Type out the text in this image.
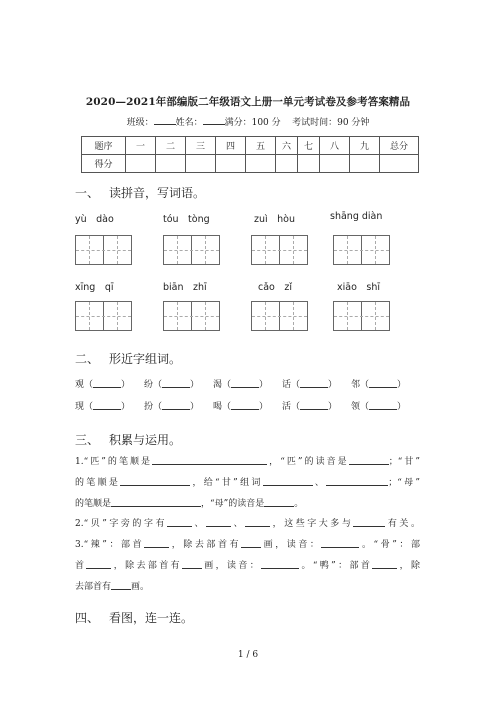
2020—2021年部编版二年级语文上册一单元考试卷及参考答案精品
班级： 姓名： 满分：100 分 考试时间：90 分钟
题序	一	二	三	四	五	六	七	八	九	总分
得分										
一、 读拼音，写词语。
yù　dào	tóu　tòng	zuì　hòu	shāng diàn
xīng　qī	biān　zhī	cǎo　zǐ	xiāo　shī
二、 形近字组词。
观（	） 纷（	） 渴（	） 话（	） 邻（	）
现（	） 扮（	） 喝（	） 活（	） 领（	）
三、 积累与运用。

1.“匹”的笔顺是	，“匹”的读音是	；“甘”

的笔顺是	，给“甘”组词	、	；“母”

的笔顺是	，“母”的读音是	。

2.“贝”字旁的字有	、	、	，这些字大多与	有关。

3.“辣”：部首	，除去部首有 画，读音：	。“骨”：部

首	，除去部首有 画，读音：	。“鸭”：部首	，除

去部首有 画。

四、 看图，连一连。
1 / 6
